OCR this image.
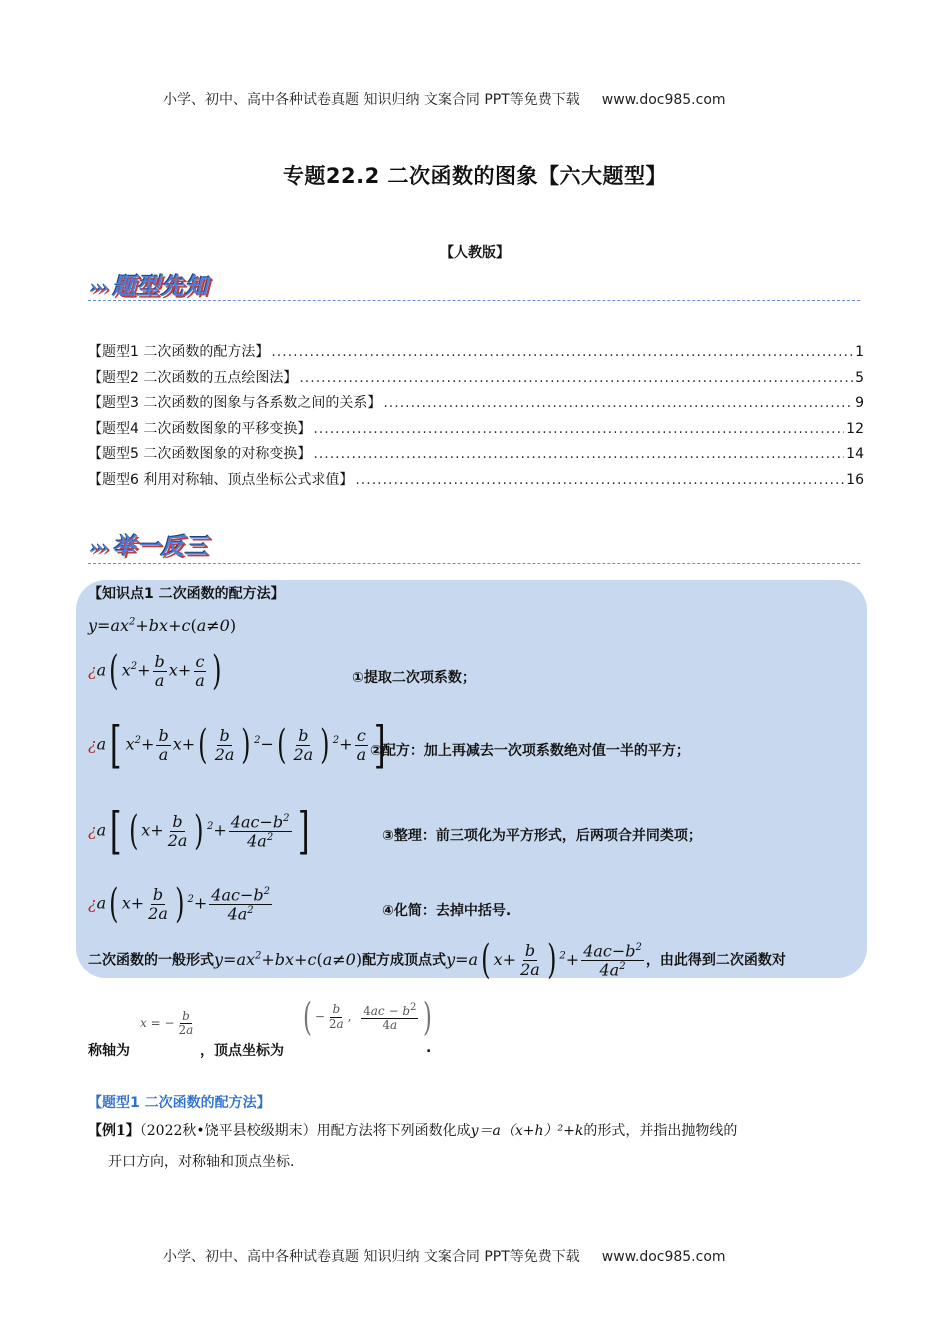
小学、初中、高中各种试卷真题 知识归纳 文案合同 PPT等免费下载 www.doc985.com
专题22.2 二次函数的图象【六大题型】
【人教版】
››› 题型先知
【题型1 二次函数的配方法】 .....	1
【题型2 二次函数的五点绘图法】 .....	5
【题型3 二次函数的图象与各系数之间的关系】 .....	9
【题型4 二次函数图象的平移变换】 .....	12
【题型5 二次函数图象的对称变换】 .....	14
【题型6 利用对称轴、顶点坐标公式求值】 .....	16
››› 举一反三
【知识点1 二次函数的配方法】
$y=ax^2+bx+c(a\ne 0)$
¿a( $x^2+ \frac{b}{a} x+ \frac{c}{a}$ )	①提取二次项系数；
¿a[ $x^2+ \frac{b}{a} x+( \frac{b}{2a}$ ) $^2-( \frac{b}{2a}$ ) $^2+ \frac{c}{a}$ ]
②配方：加上再减去一次项系数绝对值一半的平方；
¿a[ ( $x+ \frac{b}{2a}$ ) $^2+ \frac{4ac-b^2}{4a^2}$ ]	③整理：前三项化为平方形式，后两项合并同类项；
¿a( $x+ \frac{b}{2a}$ ) $^2+ \frac{4ac-b^2}{4a^2}$	④化简：去掉中括号.
二次函数的一般形式$y=ax^2+bx+c(a\ne 0)$配方成顶点式y=a( $x+ \frac{b}{2a}$ ) $^2+ \frac{4ac-b^2}{4a^2}$ ，由此得到二次函数对
x = − $\frac{b}{2a}$	( − $\frac{b}{2a}$ , $\frac{4ac - b^2}{4a}$ )
称轴为	，顶点坐标为	.
【题型1 二次函数的配方法】
【例1】（2022秋•饶平县校级期末）用配方法将下列函数化成y＝a（x+h）²+k的形式，并指出抛物线的
开口方向，对称轴和顶点坐标.
小学、初中、高中各种试卷真题 知识归纳 文案合同 PPT等免费下载 www.doc985.com
